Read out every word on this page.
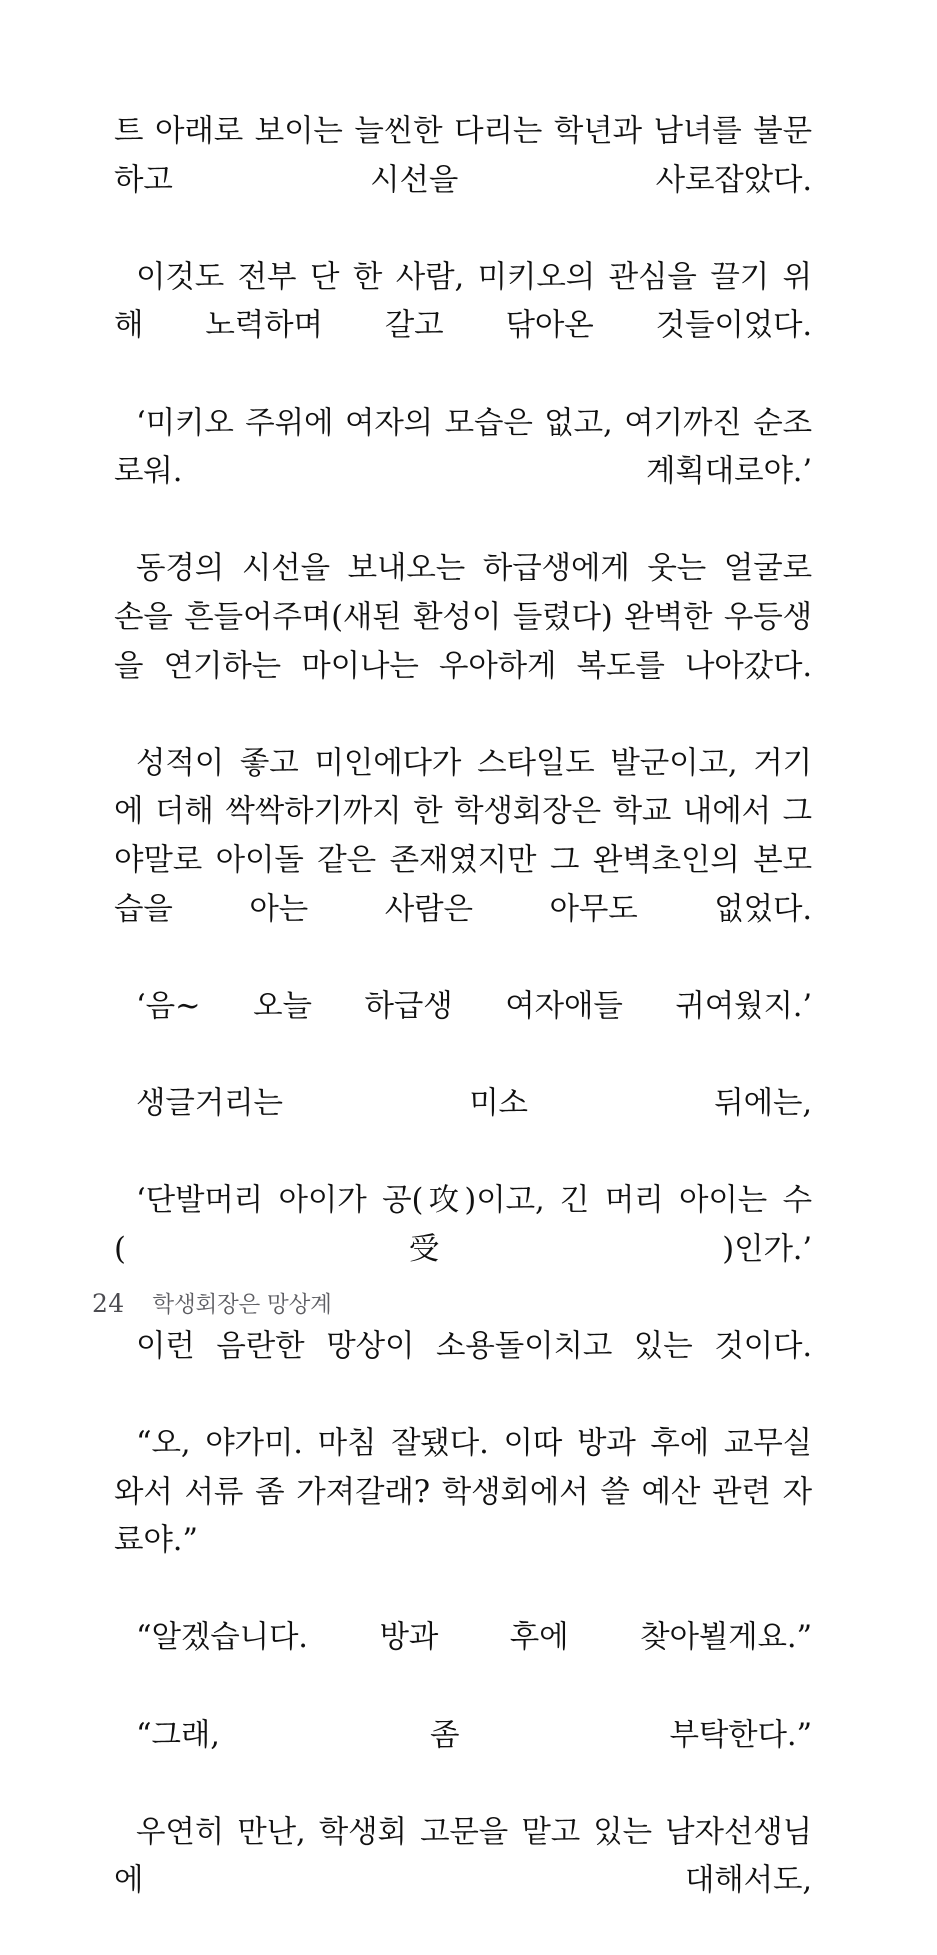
트 아래로 보이는 늘씬한 다리는 학년과 남녀를 불문하고 시선을 사로잡았다.

이것도 전부 단 한 사람, 미키오의 관심을 끌기 위해 노력하며 갈고 닦아온 것들이었다.

‘미키오 주위에 여자의 모습은 없고, 여기까진 순조로워. 계획대로야.’

동경의 시선을 보내오는 하급생에게 웃는 얼굴로 손을 흔들어주며(새된 환성이 들렸다) 완벽한 우등생을 연기하는 마이나는 우아하게 복도를 나아갔다.

성적이 좋고 미인에다가 스타일도 발군이고, 거기에 더해 싹싹하기까지 한 학생회장은 학교 내에서 그야말로 아이돌 같은 존재였지만 그 완벽초인의 본모습을 아는 사람은 아무도 없었다.

‘음~ 오늘 하급생 여자애들 귀여웠지.’

생글거리는 미소 뒤에는,

‘단발머리 아이가 공(攻)이고, 긴 머리 아이는 수(受)인가.’

이런 음란한 망상이 소용돌이치고 있는 것이다.

“오, 야가미. 마침 잘됐다. 이따 방과 후에 교무실 와서 서류 좀 가져갈래? 학생회에서 쓸 예산 관련 자료야.”

“알겠습니다. 방과 후에 찾아뵐게요.”

“그래, 좀 부탁한다.”

우연히 만난, 학생회 고문을 맡고 있는 남자선생님에 대해서도,

24 학생회장은 망상계
